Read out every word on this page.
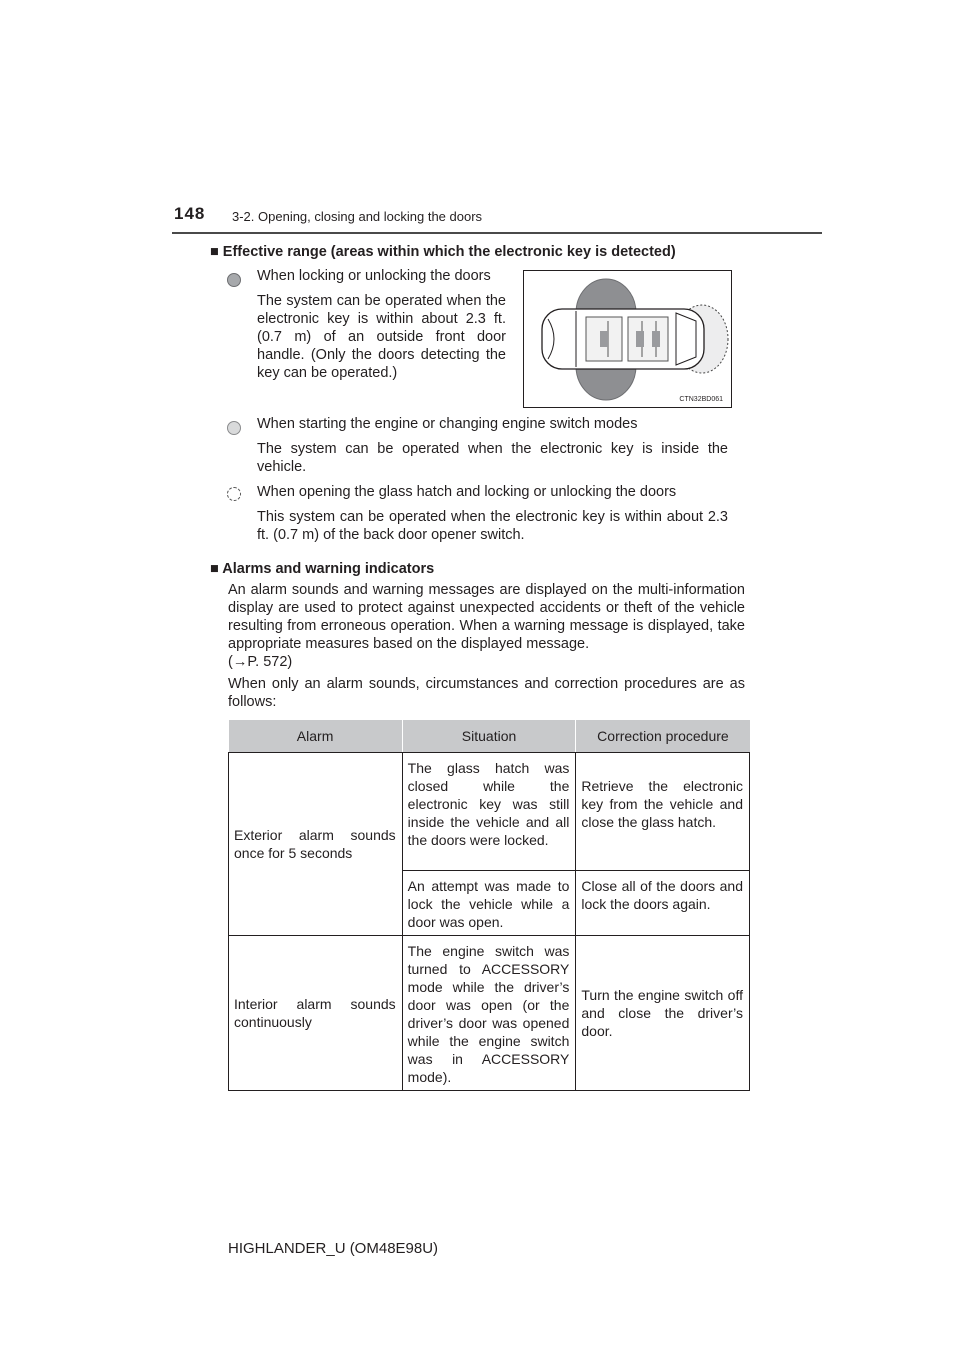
148 3-2. Opening, closing and locking the doors
■ Effective range (areas within which the electronic key is detected)
When locking or unlocking the doors
The system can be operated when the electronic key is within about 2.3 ft. (0.7 m) of an outside front door handle. (Only the doors detecting the key can be operated.)
CTN32BD061
When starting the engine or changing engine switch modes
The system can be operated when the electronic key is inside the vehicle.
When opening the glass hatch and locking or unlocking the doors
This system can be operated when the electronic key is within about 2.3 ft. (0.7 m) of the back door opener switch.
■ Alarms and warning indicators
An alarm sounds and warning messages are displayed on the multi-information display are used to protect against unexpected accidents or theft of the vehicle resulting from erroneous operation. When a warning message is displayed, take appropriate measures based on the displayed message.
(→P. 572)
When only an alarm sounds, circumstances and correction procedures are as follows:
Alarm	Situation	Correction procedure
Exterior alarm sounds once for 5 seconds	The glass hatch was closed while the electronic key was still inside the vehicle and all the doors were locked.	Retrieve the electronic key from the vehicle and close the glass hatch.
	An attempt was made to lock the vehicle while a door was open.	Close all of the doors and lock the doors again.
Interior alarm sounds continuously	The engine switch was turned to ACCESSORY mode while the driver’s door was open (or the driver’s door was opened while the engine switch was in ACCESSORY mode).	Turn the engine switch off and close the driver’s door.
HIGHLANDER_U (OM48E98U)
